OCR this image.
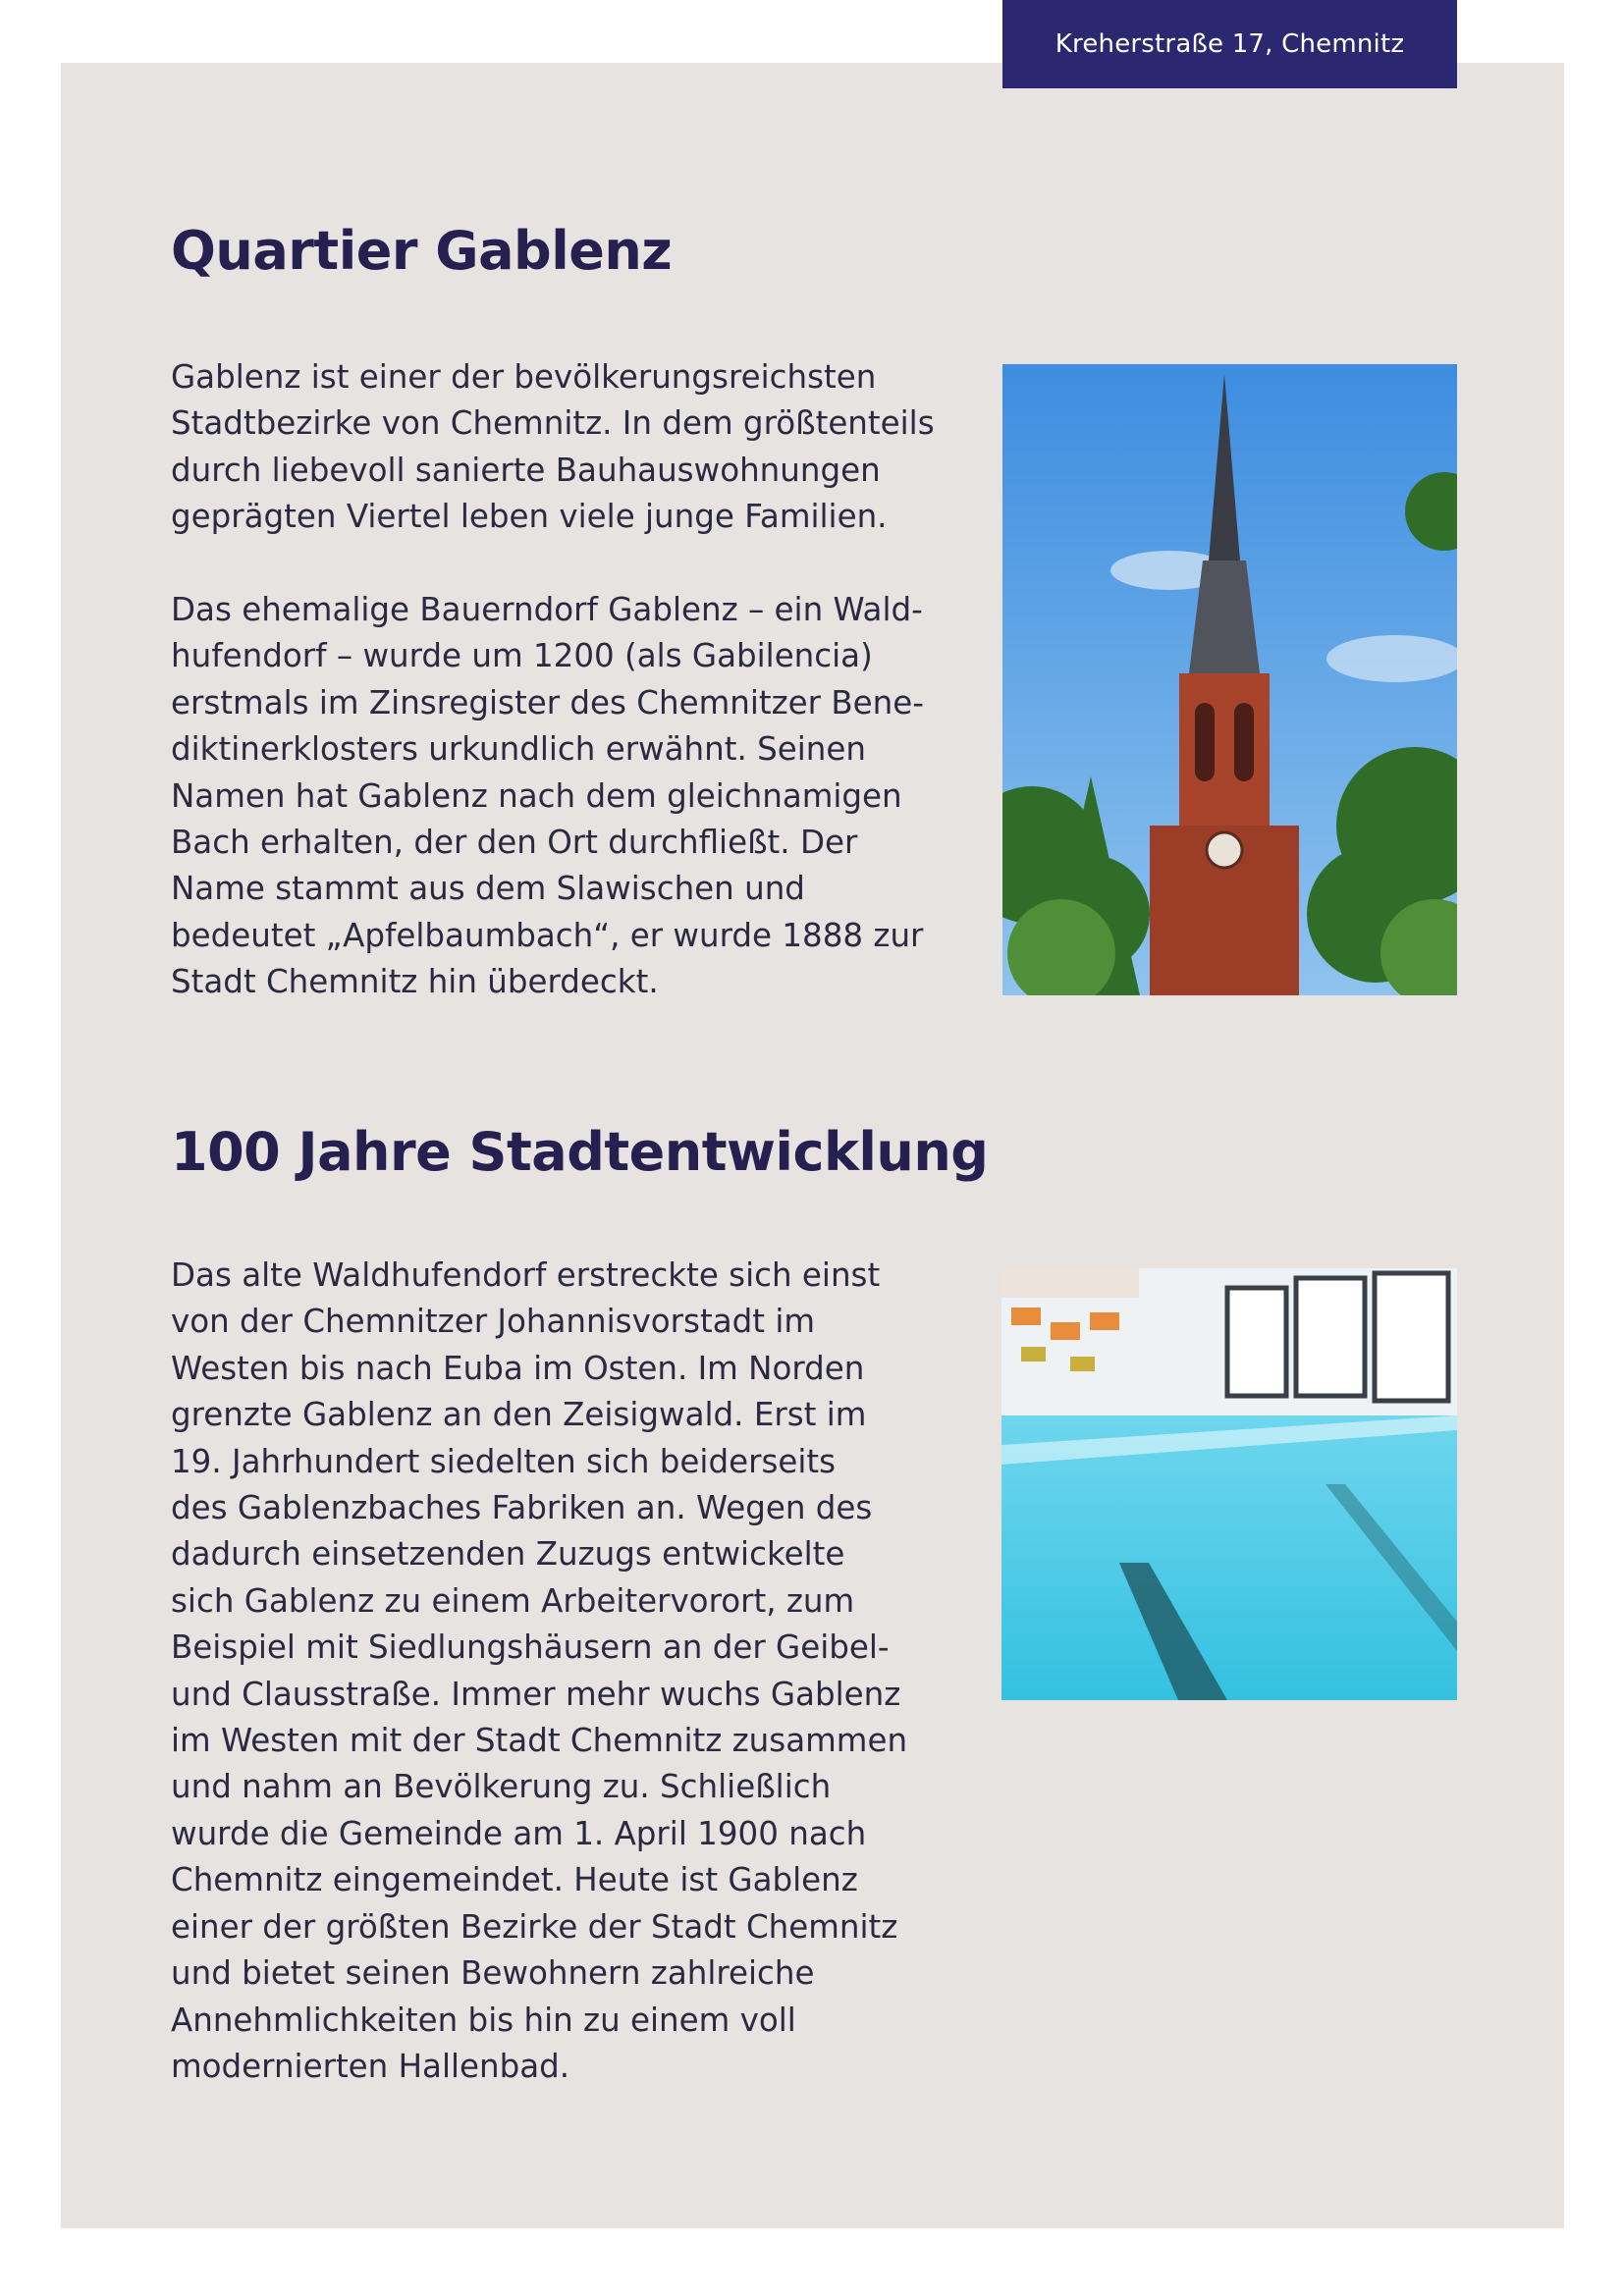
Kreherstraße 17, Chemnitz
Quartier Gablenz
Gablenz ist einer der bevölkerungsreichsten
Stadtbezirke von Chemnitz. In dem größtenteils
durch liebevoll sanierte Bauhauswohnungen
geprägten Viertel leben viele junge Familien.
Das ehemalige Bauerndorf Gablenz – ein Wald-
hufendorf – wurde um 1200 (als Gabilencia)
erstmals im Zinsregister des Chemnitzer Bene-
diktinerklosters urkundlich erwähnt. Seinen
Namen hat Gablenz nach dem gleichnamigen
Bach erhalten, der den Ort durchfließt. Der
Name stammt aus dem Slawischen und
bedeutet „Apfelbaumbach“, er wurde 1888 zur
Stadt Chemnitz hin überdeckt.
100 Jahre Stadtentwicklung
Das alte Waldhufendorf erstreckte sich einst
von der Chemnitzer Johannisvorstadt im
Westen bis nach Euba im Osten. Im Norden
grenzte Gablenz an den Zeisigwald. Erst im
19. Jahrhundert siedelten sich beiderseits
des Gablenzbaches Fabriken an. Wegen des
dadurch einsetzenden Zuzugs entwickelte
sich Gablenz zu einem Arbeitervorort, zum
Beispiel mit Siedlungshäusern an der Geibel-
und Clausstraße. Immer mehr wuchs Gablenz
im Westen mit der Stadt Chemnitz zusammen
und nahm an Bevölkerung zu. Schließlich
wurde die Gemeinde am 1. April 1900 nach
Chemnitz eingemeindet. Heute ist Gablenz
einer der größten Bezirke der Stadt Chemnitz
und bietet seinen Bewohnern zahlreiche
Annehmlichkeiten bis hin zu einem voll
modernierten Hallenbad.
